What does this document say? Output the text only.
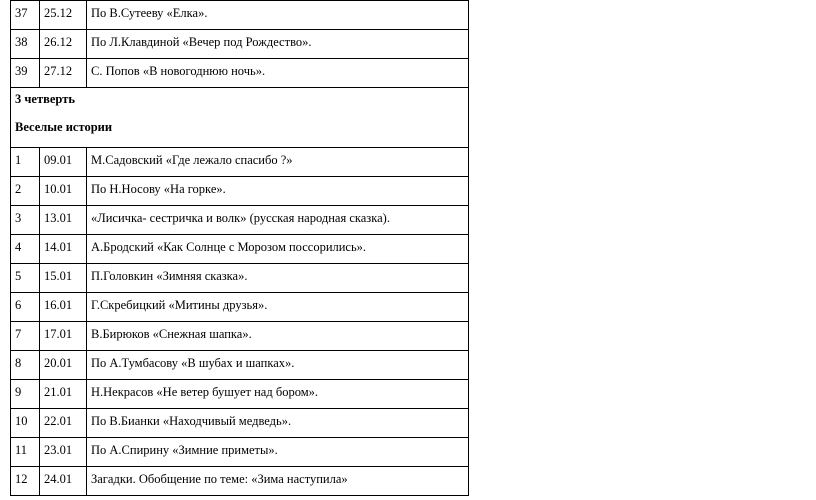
37	25.12	По В.Сутееву «Елка».
38	26.12	По Л.Клавдиной «Вечер под Рождество».
39	27.12	С. Попов «В новогоднюю ночь».

3 четверть
Веселые истории		

1	09.01	М.Садовский «Где лежало спасибо ?»
2	10.01	По Н.Носову «На горке».
3	13.01	«Лисичка- сестричка и волк» (русская народная сказка).
4	14.01	А.Бродский «Как Солнце с Морозом поссорились».
5	15.01	П.Головкин «Зимняя сказка».
6	16.01	Г.Скребицкий «Митины друзья».
7	17.01	В.Бирюков «Снежная шапка».
8	20.01	По А.Тумбасову «В шубах и шапках».
9	21.01	Н.Некрасов «Не ветер бушует над бором».
10	22.01	По В.Бианки «Находчивый медведь».
11	23.01	По А.Спирину «Зимние приметы».
12	24.01	Загадки. Обобщение по теме: «Зима наступила»
